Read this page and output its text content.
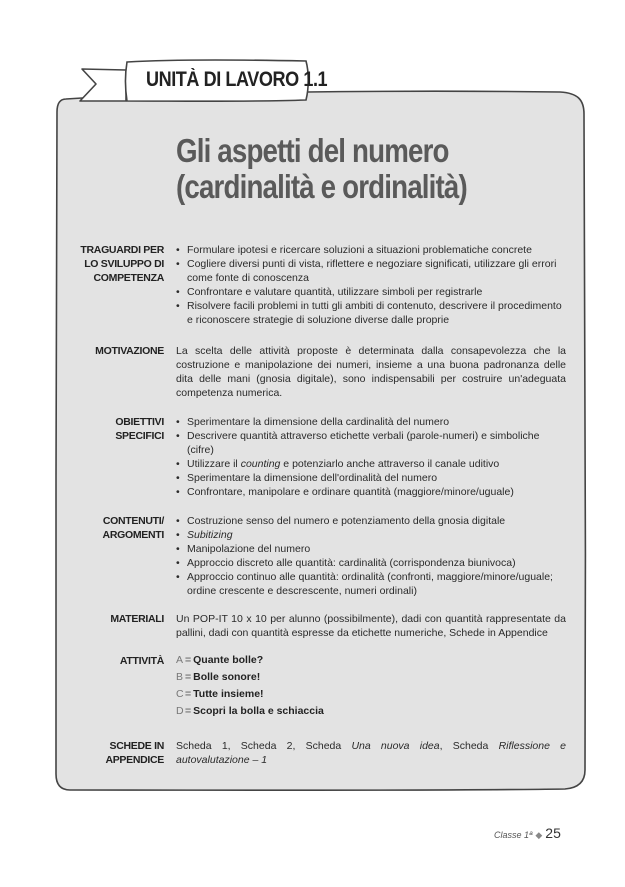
UNITÀ DI LAVORO 1.1
Gli aspetti del numero
(cardinalità e ordinalità)
TRAGUARDI PER
LO SVILUPPO DI
COMPETENZA
• Formulare ipotesi e ricercare soluzioni a situazioni problematiche concrete
• Cogliere diversi punti di vista, riflettere e negoziare significati, utilizzare gli errori come fonte di conoscenza
• Confrontare e valutare quantità, utilizzare simboli per registrarle
• Risolvere facili problemi in tutti gli ambiti di contenuto, descrivere il procedimento e riconoscere strategie di soluzione diverse dalle proprie
MOTIVAZIONE La scelta delle attività proposte è determinata dalla consapevolezza che la costruzione e manipolazione dei numeri, insieme a una buona padronanza delle dita delle mani (gnosia digitale), sono indispensabili per costruire un'adeguata competenza numerica.

OBIETTIVI
SPECIFICI
• Sperimentare la dimensione della cardinalità del numero
• Descrivere quantità attraverso etichette verbali (parole-numeri) e simboliche (cifre)
• Utilizzare il counting e potenziarlo anche attraverso il canale uditivo
• Sperimentare la dimensione dell'ordinalità del numero
• Confrontare, manipolare e ordinare quantità (maggiore/minore/uguale)
CONTENUTI/
ARGOMENTI
• Costruzione senso del numero e potenziamento della gnosia digitale
• Subitizing
• Manipolazione del numero
• Approccio discreto alle quantità: cardinalità (corrispondenza biunivoca)
• Approccio continuo alle quantità: ordinalità (confronti, maggiore/minore/uguale; ordine crescente e descrescente, numeri ordinali)
MATERIALI Un POP-IT 10 x 10 per alunno (possibilmente), dadi con quantità rappresentate da pallini, dadi con quantità espresse da etichette numeriche, Schede in Appendice

ATTIVITÀ A = Quante bolle?
B = Bolle sonore!
C = Tutte insieme!
D = Scopri la bolla e schiaccia
SCHEDE IN
APPENDICE

Scheda 1, Scheda 2, Scheda Una nuova idea, Scheda Riflessione e autovalutazione – 1

Classe 1ª ◆ 25
